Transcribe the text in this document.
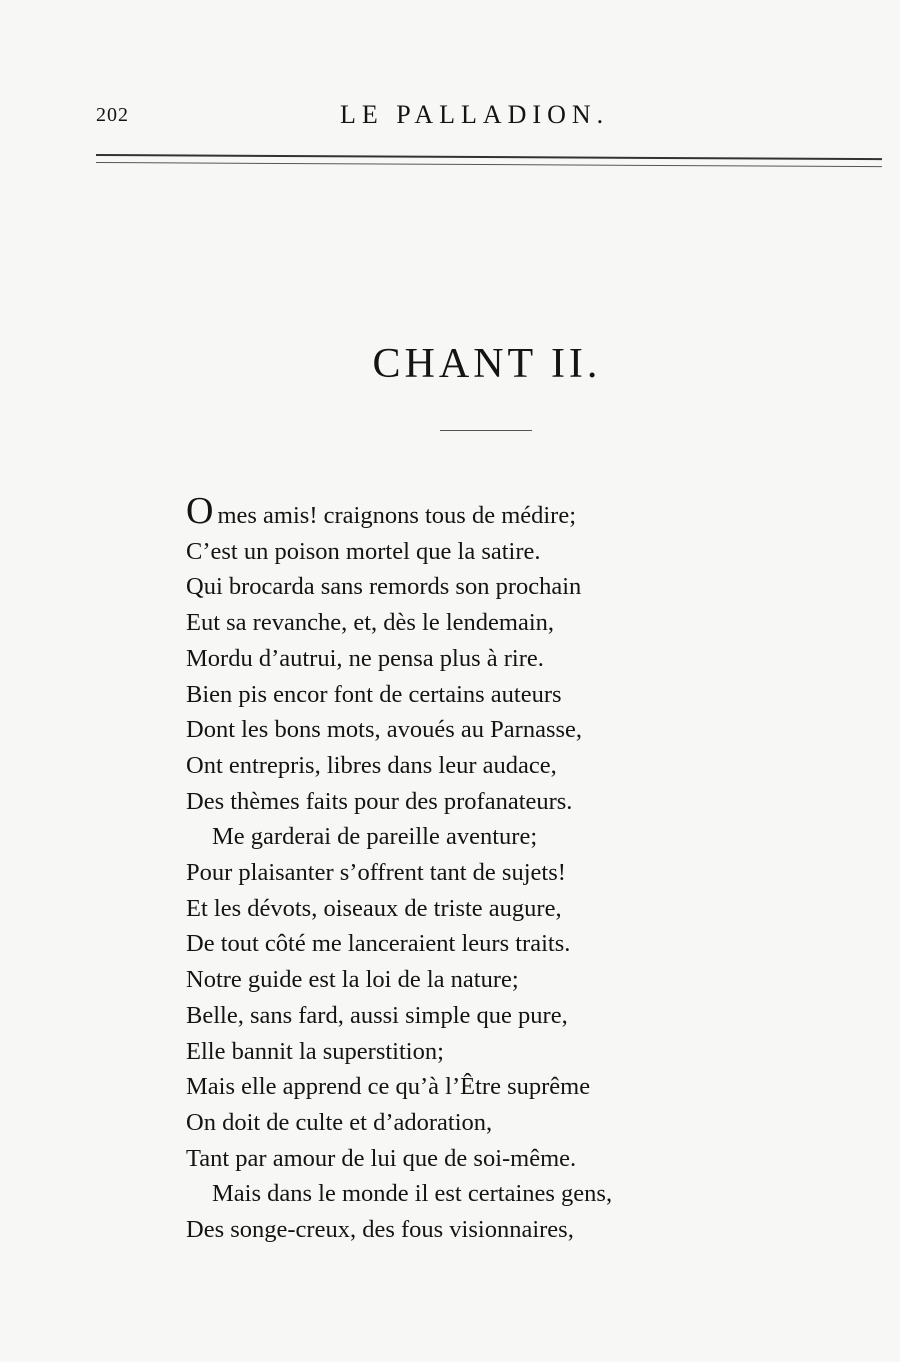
202	LE PALLADION.
CHANT II.
Omes amis! craignons tous de médire;
C’est un poison mortel que la satire.
Qui brocarda sans remords son prochain
Eut sa revanche, et, dès le lendemain,
Mordu d’autrui, ne pensa plus à rire.
Bien pis encor font de certains auteurs
Dont les bons mots, avoués au Parnasse,
Ont entrepris, libres dans leur audace,
Des thèmes faits pour des profanateurs.
Me garderai de pareille aventure;
Pour plaisanter s’offrent tant de sujets!
Et les dévots, oiseaux de triste augure,
De tout côté me lanceraient leurs traits.
Notre guide est la loi de la nature;
Belle, sans fard, aussi simple que pure,
Elle bannit la superstition;
Mais elle apprend ce qu’à l’Être suprême
On doit de culte et d’adoration,
Tant par amour de lui que de soi-même.
Mais dans le monde il est certaines gens,
Des songe-creux, des fous visionnaires,
